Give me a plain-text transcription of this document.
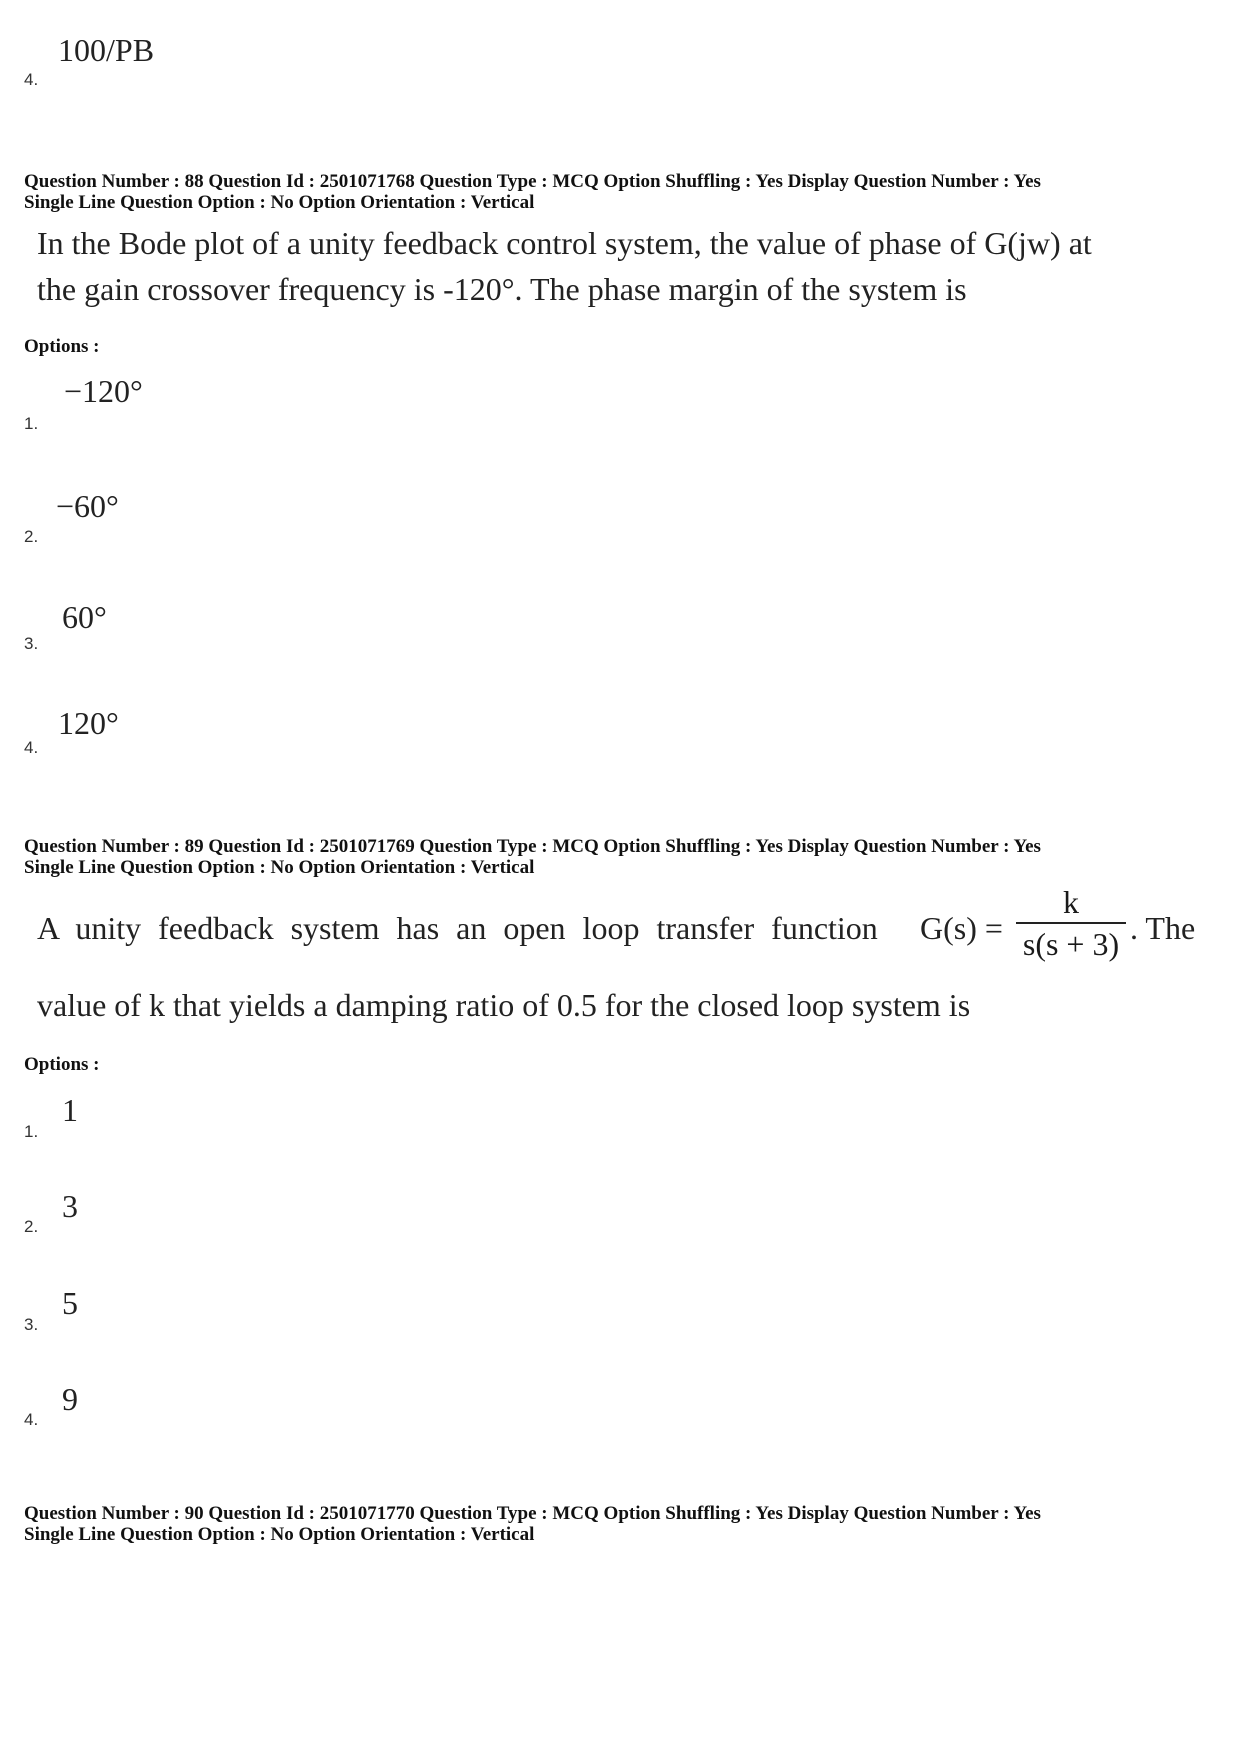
100/PB
4.
Question Number : 88 Question Id : 2501071768 Question Type : MCQ Option Shuffling : Yes Display Question Number : Yes
Single Line Question Option : No Option Orientation : Vertical
In the Bode plot of a unity feedback control system, the value of phase of G(jw) at
the gain crossover frequency is -120°. The phase margin of the system is
Options :
−120°
1.
−60°
2.
60°
3.
120°
4.
Question Number : 89 Question Id : 2501071769 Question Type : MCQ Option Shuffling : Yes Display Question Number : Yes
Single Line Question Option : No Option Orientation : Vertical
A unity feedback system has an open loop transfer function G(s) =
k
s(s + 3) . The
value of k that yields a damping ratio of 0.5 for the closed loop system is
Options :
1
1.
3
2.
5
3.
9
4.
Question Number : 90 Question Id : 2501071770 Question Type : MCQ Option Shuffling : Yes Display Question Number : Yes
Single Line Question Option : No Option Orientation : Vertical
